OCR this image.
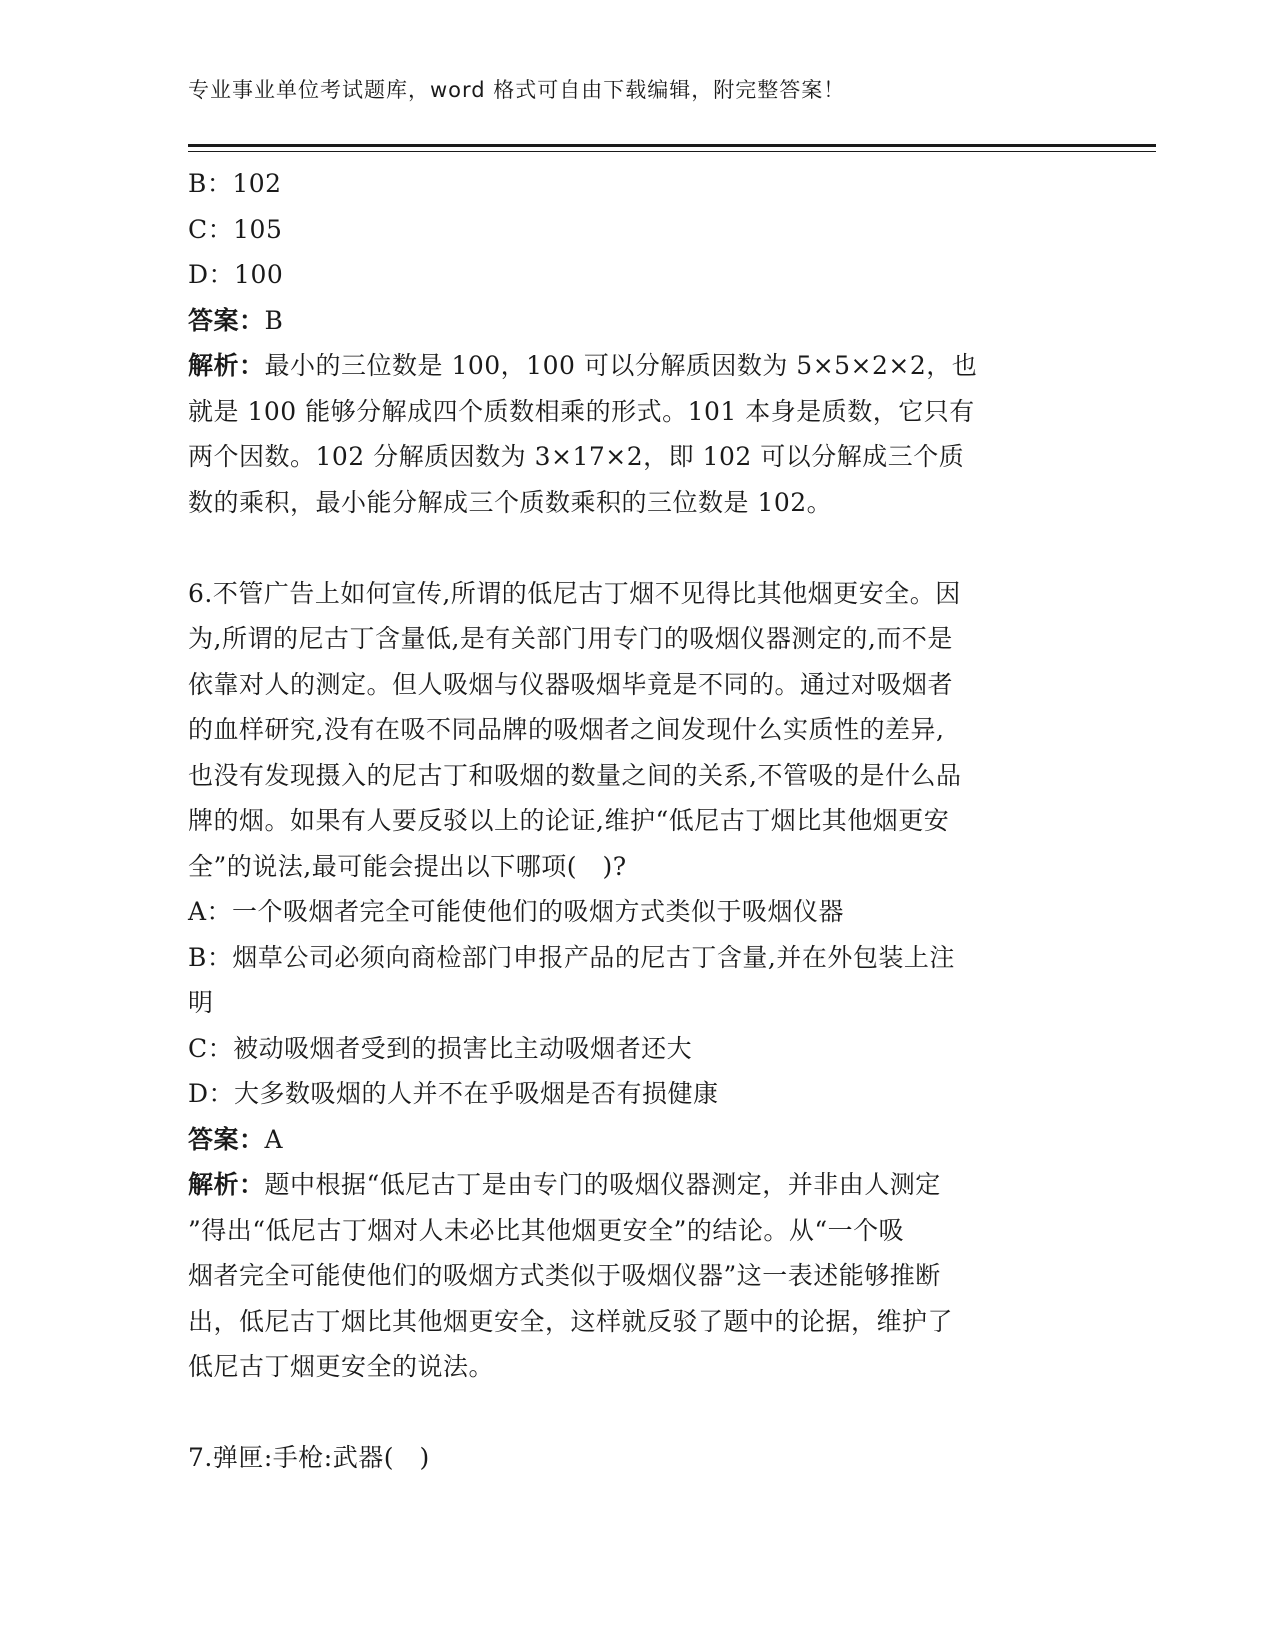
专业事业单位考试题库，word 格式可自由下载编辑，附完整答案！
B：102
C：105
D：100
答案：B
解析：最小的三位数是 100，100 可以分解质因数为 5×5×2×2，也
就是 100 能够分解成四个质数相乘的形式。101 本身是质数，它只有
两个因数。102 分解质因数为 3×17×2，即 102 可以分解成三个质
数的乘积，最小能分解成三个质数乘积的三位数是 102。
6.不管广告上如何宣传,所谓的低尼古丁烟不见得比其他烟更安全。因
为,所谓的尼古丁含量低,是有关部门用专门的吸烟仪器测定的,而不是
依靠对人的测定。但人吸烟与仪器吸烟毕竟是不同的。通过对吸烟者
的血样研究,没有在吸不同品牌的吸烟者之间发现什么实质性的差异,
也没有发现摄入的尼古丁和吸烟的数量之间的关系,不管吸的是什么品
牌的烟。如果有人要反驳以上的论证,维护“低尼古丁烟比其他烟更安
全”的说法,最可能会提出以下哪项(　)?
A：一个吸烟者完全可能使他们的吸烟方式类似于吸烟仪器
B：烟草公司必须向商检部门申报产品的尼古丁含量,并在外包装上注
明
C：被动吸烟者受到的损害比主动吸烟者还大
D：大多数吸烟的人并不在乎吸烟是否有损健康
答案：A
解析：题中根据“低尼古丁是由专门的吸烟仪器测定，并非由人测定
”得出“低尼古丁烟对人未必比其他烟更安全”的结论。从“一个吸
烟者完全可能使他们的吸烟方式类似于吸烟仪器”这一表述能够推断
出，低尼古丁烟比其他烟更安全，这样就反驳了题中的论据，维护了
低尼古丁烟更安全的说法。
7.弹匣:手枪:武器(　)
